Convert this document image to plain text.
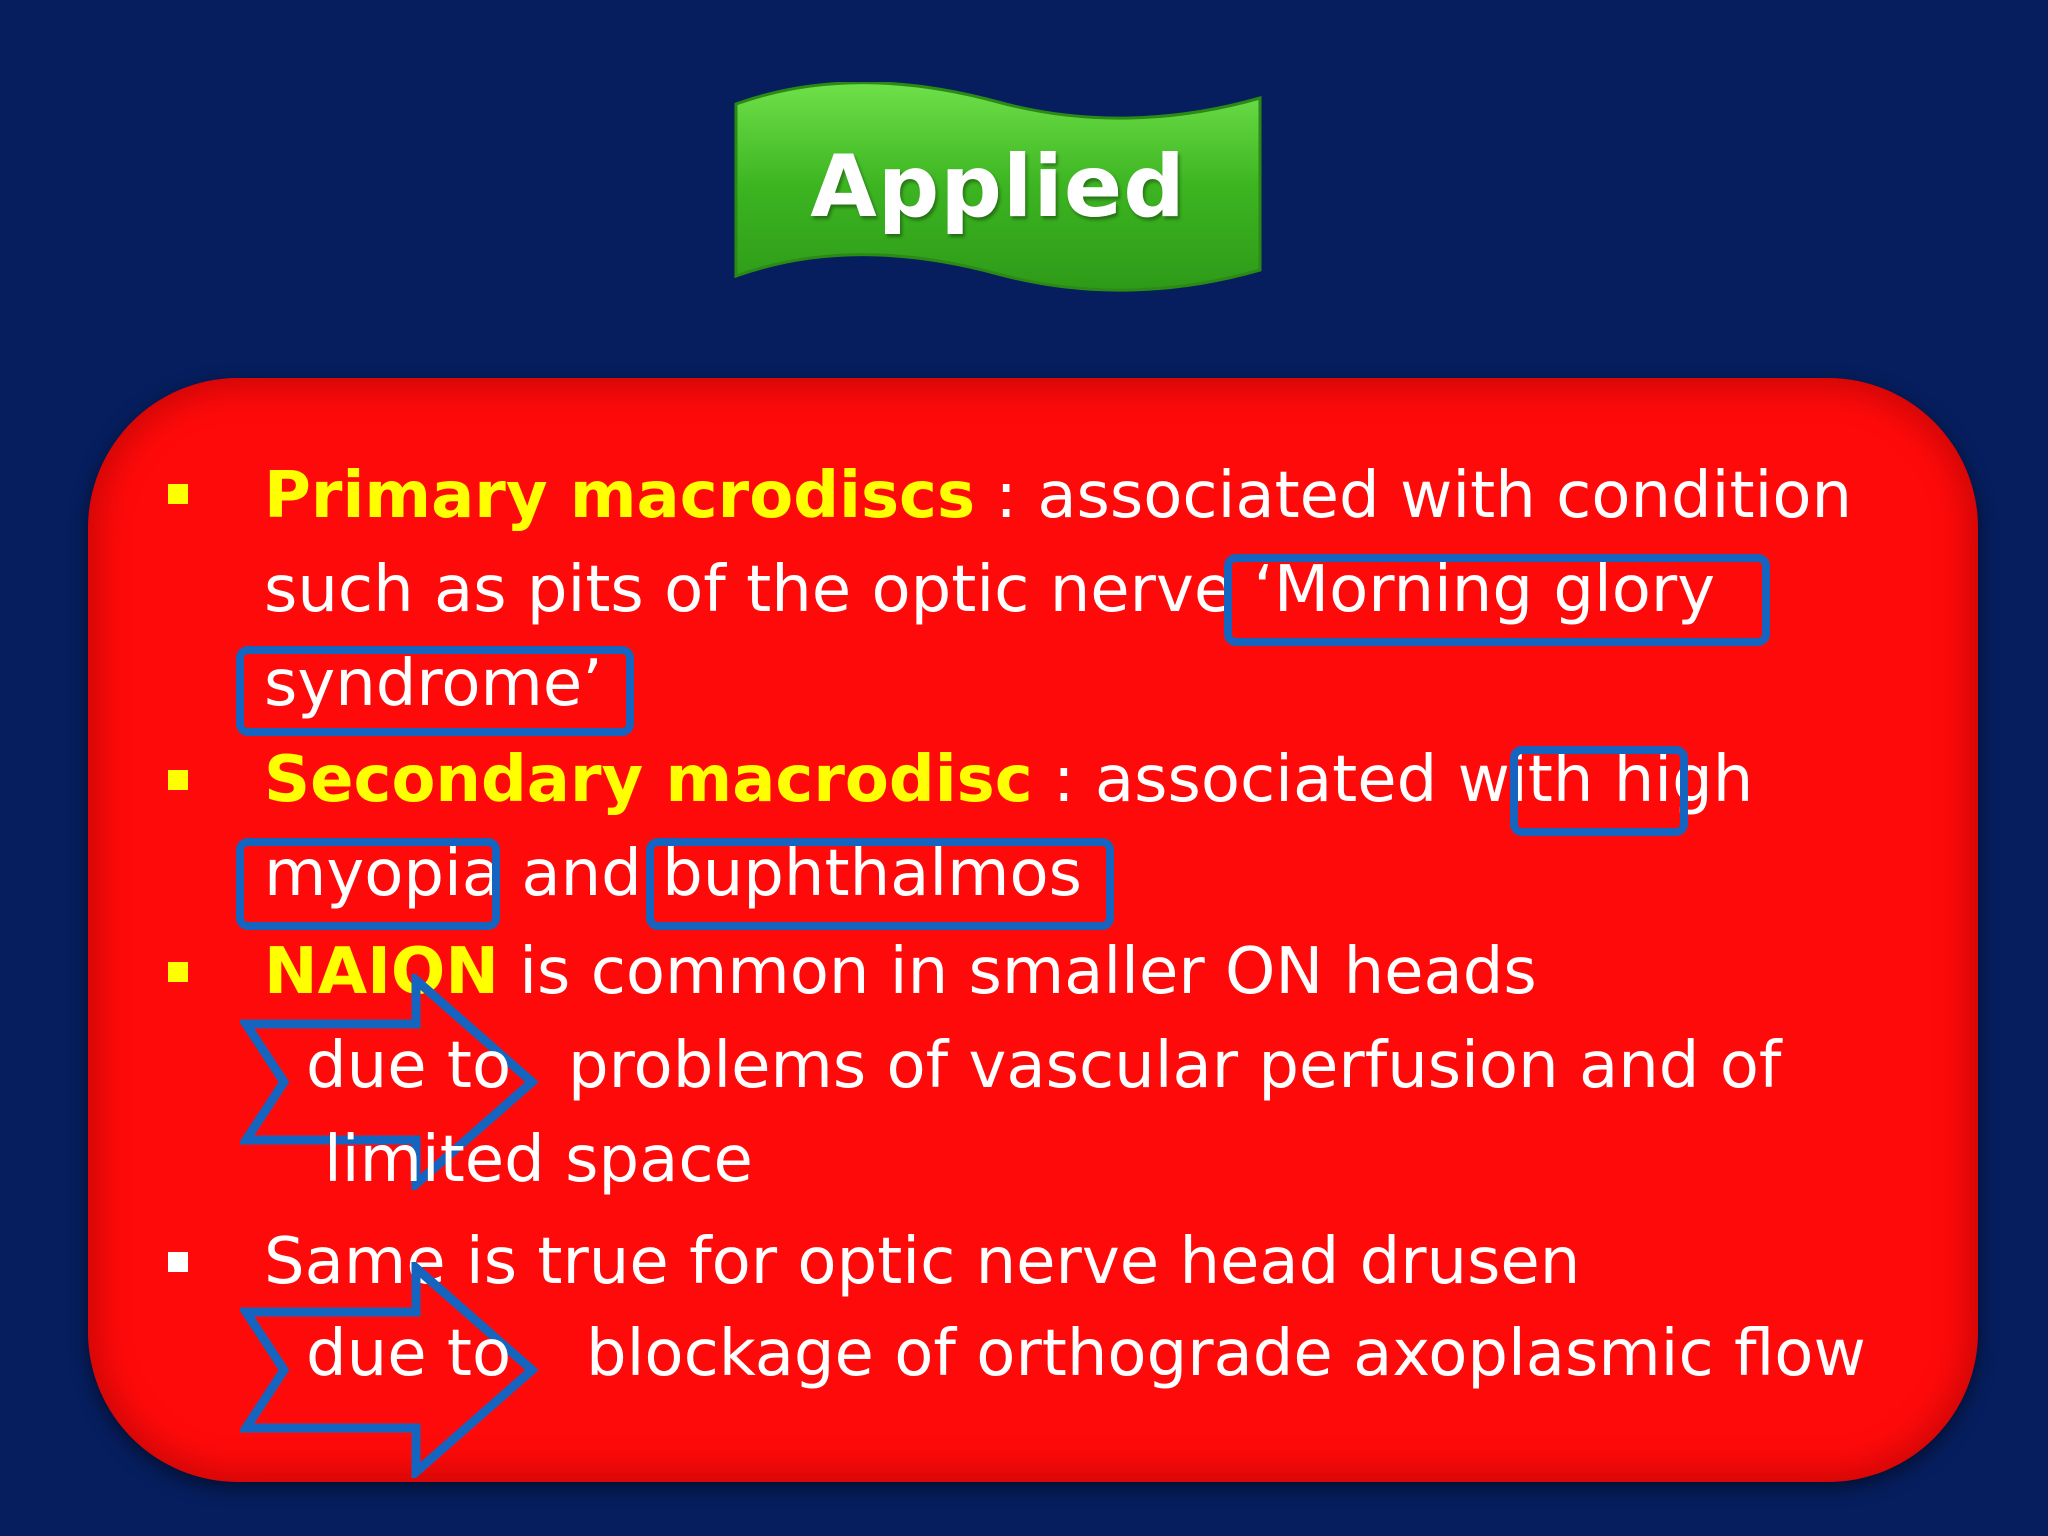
Applied
Primary macrodiscs : associated with condition
such as pits of the optic nerve ‘Morning glory
syndrome’
Secondary macrodisc : associated with high
myopia and buphthalmos
NAION is common in smaller ON heads
due to problems of vascular perfusion and of
limited space
Same is true for optic nerve head drusen
due to blockage of orthograde axoplasmic flow
